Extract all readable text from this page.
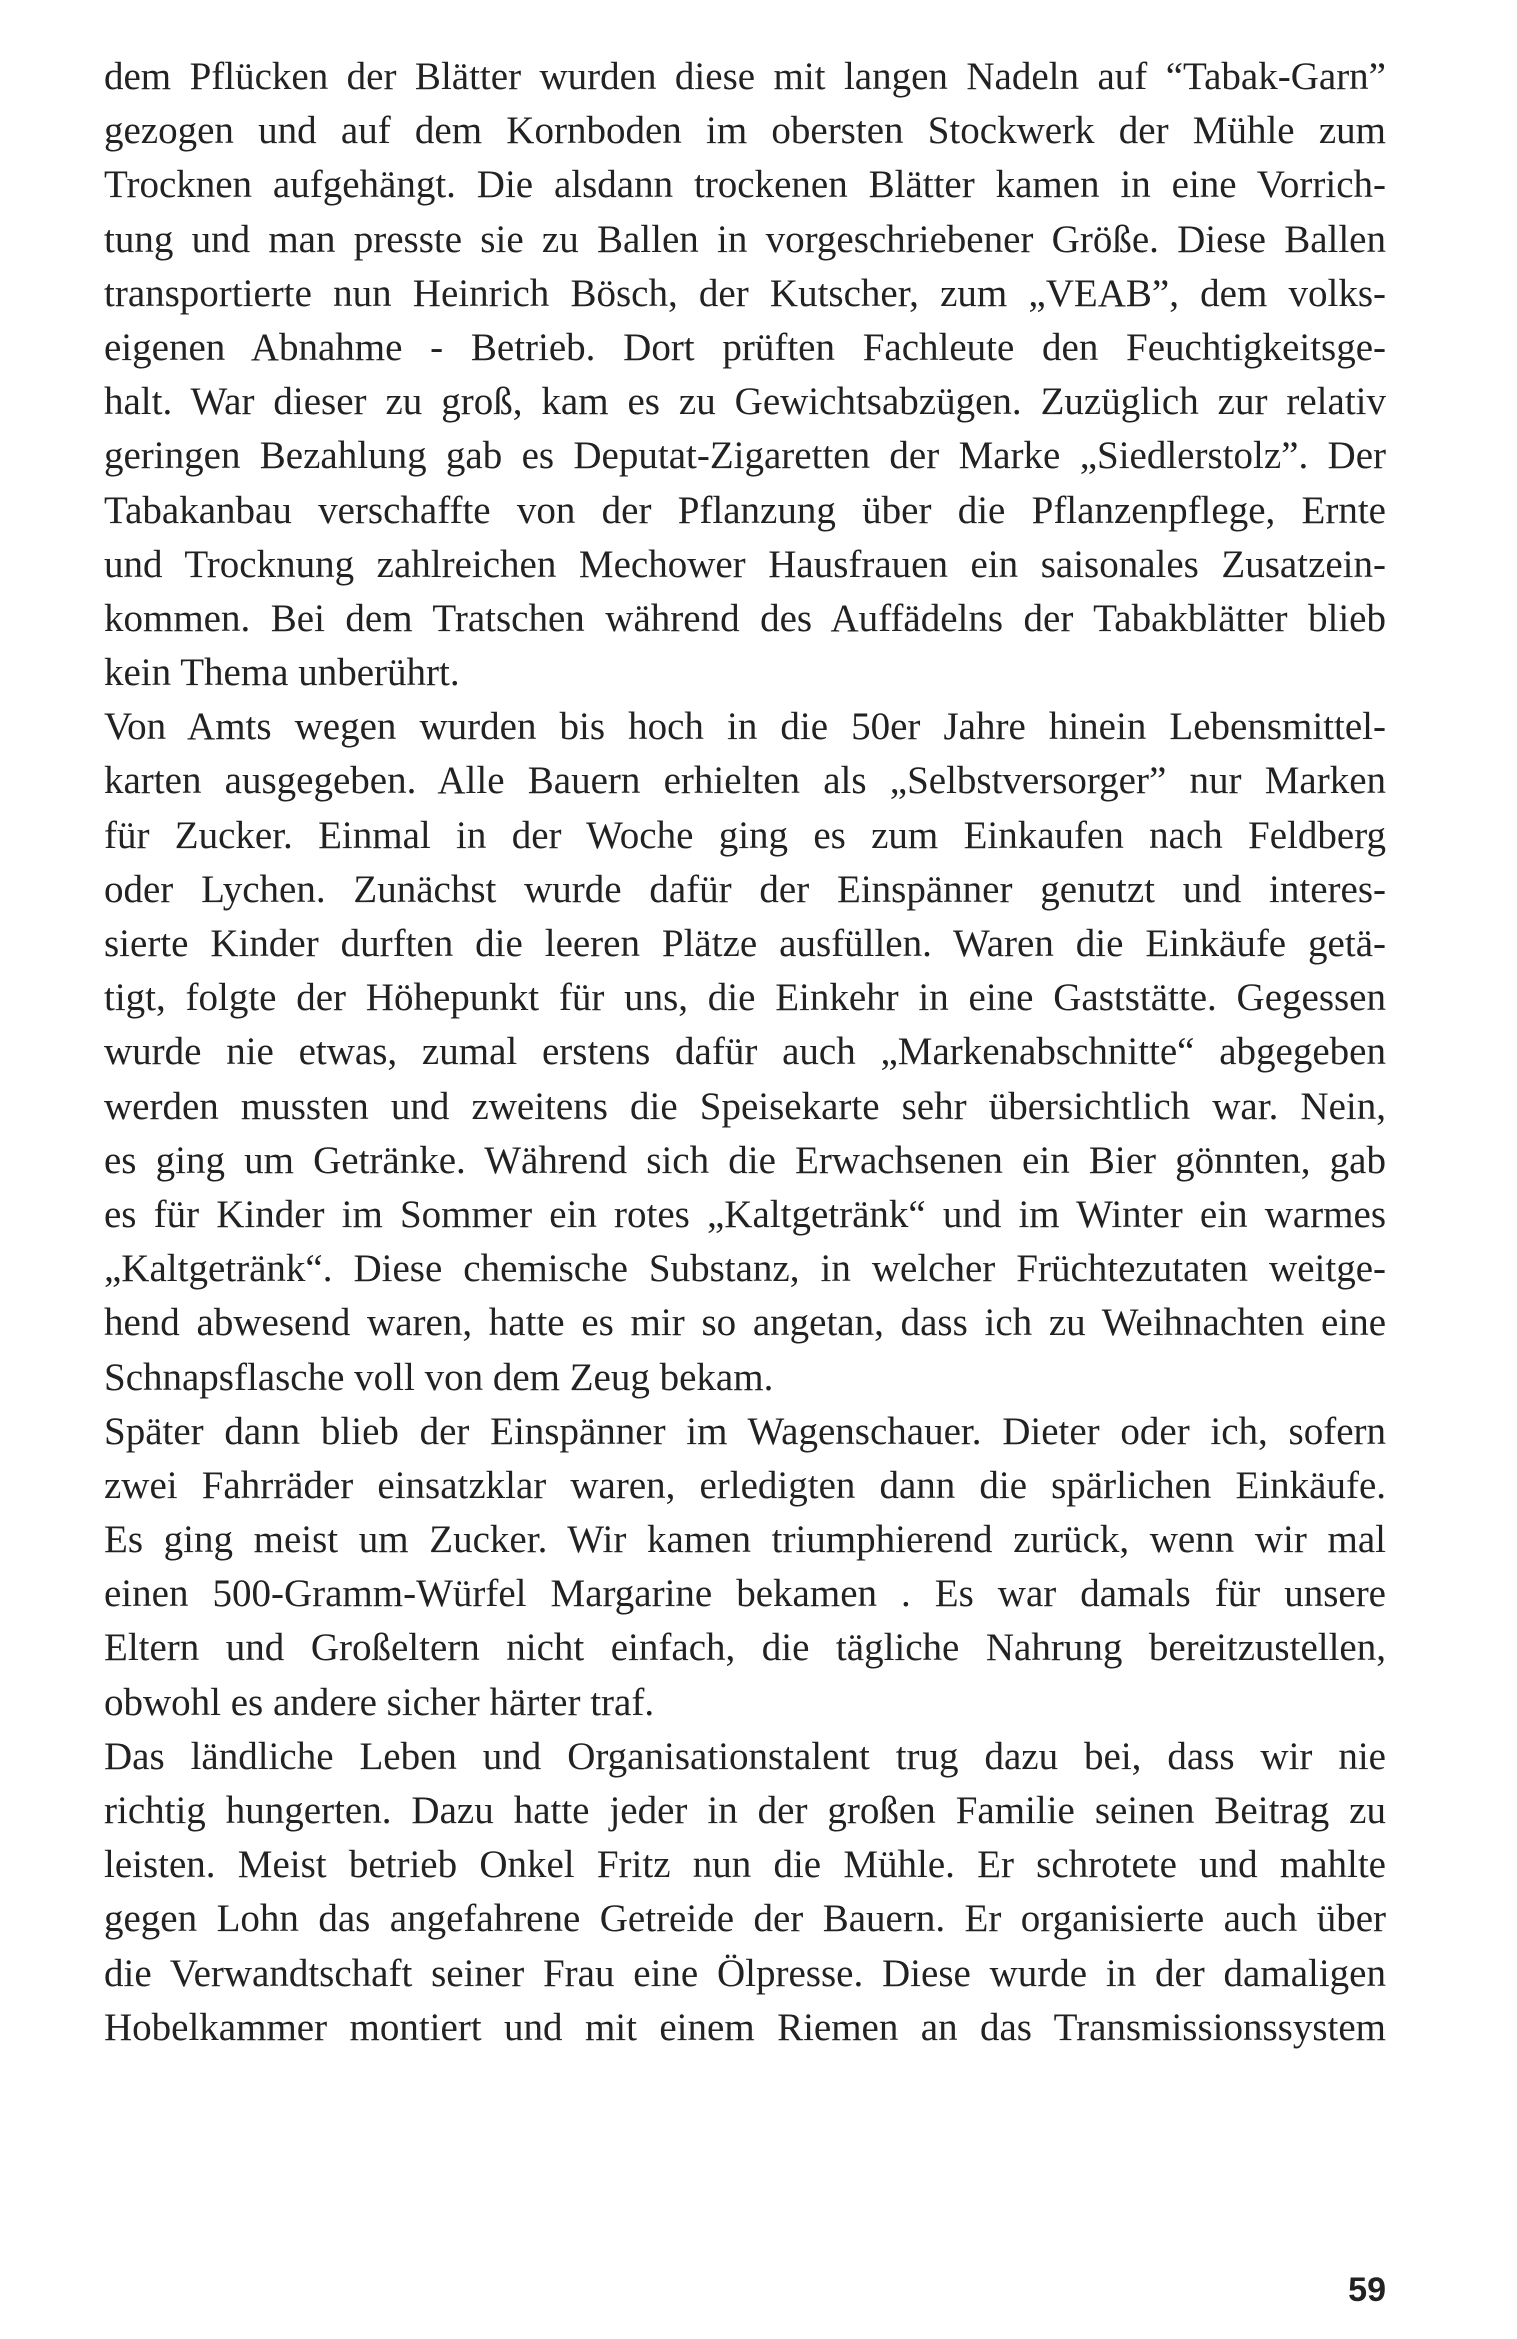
dem Pflücken der Blätter wurden diese mit langen Nadeln auf “Tabak-Garn”
gezogen und auf dem Kornboden im obersten Stockwerk der Mühle zum
Trocknen aufgehängt. Die alsdann trockenen Blätter kamen in eine Vorrich-
tung und man presste sie zu Ballen in vorgeschriebener Größe. Diese Ballen
transportierte nun Heinrich Bösch, der Kutscher, zum „VEAB”, dem volks-
eigenen Abnahme - Betrieb. Dort prüften Fachleute den Feuchtigkeitsge-
halt. War dieser zu groß, kam es zu Gewichtsabzügen. Zuzüglich zur relativ
geringen Bezahlung gab es Deputat-Zigaretten der Marke „Siedlerstolz”. Der
Tabakanbau verschaffte von der Pflanzung über die Pflanzenpflege, Ernte
und Trocknung zahlreichen Mechower Hausfrauen ein saisonales Zusatzein-
kommen. Bei dem Tratschen während des Auffädelns der Tabakblätter blieb
kein Thema unberührt.
Von Amts wegen wurden bis hoch in die 50er Jahre hinein Lebensmittel-
karten ausgegeben. Alle Bauern erhielten als „Selbstversorger” nur Marken
für Zucker. Einmal in der Woche ging es zum Einkaufen nach Feldberg
oder Lychen. Zunächst wurde dafür der Einspänner genutzt und interes-
sierte Kinder durften die leeren Plätze ausfüllen. Waren die Einkäufe getä-
tigt, folgte der Höhepunkt für uns, die Einkehr in eine Gaststätte. Gegessen
wurde nie etwas, zumal erstens dafür auch „Markenabschnitte“ abgegeben
werden mussten und zweitens die Speisekarte sehr übersichtlich war. Nein,
es ging um Getränke. Während sich die Erwachsenen ein Bier gönnten, gab
es für Kinder im Sommer ein rotes „Kaltgetränk“ und im Winter ein warmes
„Kaltgetränk“. Diese chemische Substanz, in welcher Früchtezutaten weitge-
hend abwesend waren, hatte es mir so angetan, dass ich zu Weihnachten eine
Schnapsflasche voll von dem Zeug bekam.
Später dann blieb der Einspänner im Wagenschauer. Dieter oder ich, sofern
zwei Fahrräder einsatzklar waren, erledigten dann die spärlichen Einkäufe.
Es ging meist um Zucker. Wir kamen triumphierend zurück, wenn wir mal
einen 500-Gramm-Würfel Margarine bekamen . Es war damals für unsere
Eltern und Großeltern nicht einfach, die tägliche Nahrung bereitzustellen,
obwohl es andere sicher härter traf.
Das ländliche Leben und Organisationstalent trug dazu bei, dass wir nie
richtig hungerten. Dazu hatte jeder in der großen Familie seinen Beitrag zu
leisten. Meist betrieb Onkel Fritz nun die Mühle. Er schrotete und mahlte
gegen Lohn das angefahrene Getreide der Bauern. Er organisierte auch über
die Verwandtschaft seiner Frau eine Ölpresse. Diese wurde in der damaligen
Hobelkammer montiert und mit einem Riemen an das Transmissionssystem
59
